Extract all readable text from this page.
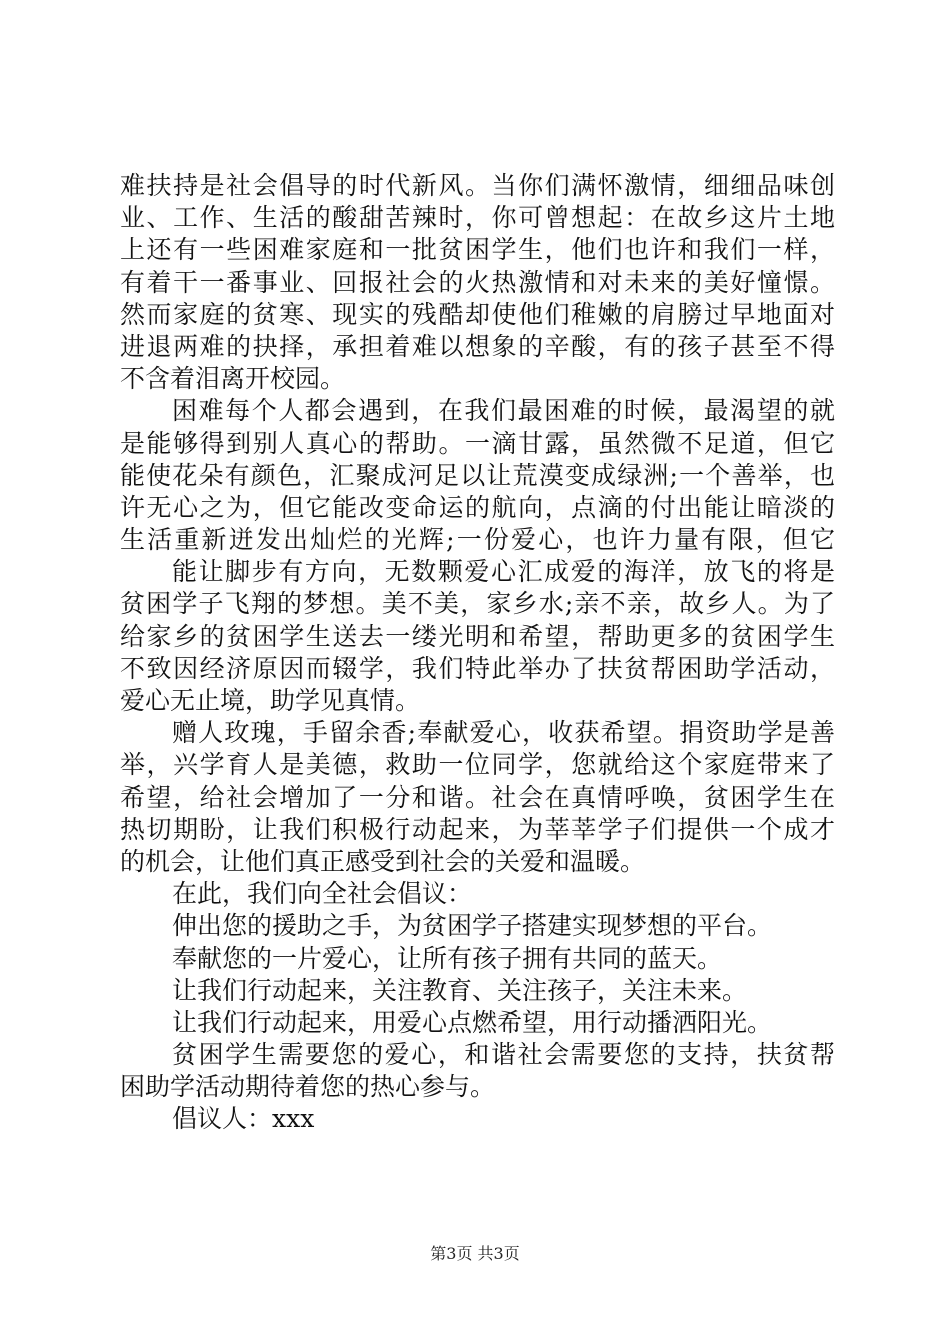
难扶持是社会倡导的时代新风。当你们满怀激情，细细品味创
业、工作、生活的酸甜苦辣时，你可曾想起：在故乡这片土地
上还有一些困难家庭和一批贫困学生，他们也许和我们一样，
有着干一番事业、回报社会的火热激情和对未来的美好憧憬。
然而家庭的贫寒、现实的残酷却使他们稚嫩的肩膀过早地面对
进退两难的抉择，承担着难以想象的辛酸，有的孩子甚至不得
不含着泪离开校园。
困难每个人都会遇到，在我们最困难的时候，最渴望的就
是能够得到别人真心的帮助。一滴甘露，虽然微不足道，但它
能使花朵有颜色，汇聚成河足以让荒漠变成绿洲;一个善举，也
许无心之为，但它能改变命运的航向，点滴的付出能让暗淡的
生活重新迸发出灿烂的光辉;一份爱心，也许力量有限，但它
能让脚步有方向，无数颗爱心汇成爱的海洋，放飞的将是
贫困学子飞翔的梦想。美不美，家乡水;亲不亲，故乡人。为了
给家乡的贫困学生送去一缕光明和希望，帮助更多的贫困学生
不致因经济原因而辍学，我们特此举办了扶贫帮困助学活动，
爱心无止境，助学见真情。
赠人玫瑰，手留余香;奉献爱心，收获希望。捐资助学是善
举，兴学育人是美德，救助一位同学，您就给这个家庭带来了
希望，给社会增加了一分和谐。社会在真情呼唤，贫困学生在
热切期盼，让我们积极行动起来，为莘莘学子们提供一个成才
的机会，让他们真正感受到社会的关爱和温暖。
在此，我们向全社会倡议：
伸出您的援助之手，为贫困学子搭建实现梦想的平台。
奉献您的一片爱心，让所有孩子拥有共同的蓝天。
让我们行动起来，关注教育、关注孩子，关注未来。
让我们行动起来，用爱心点燃希望，用行动播洒阳光。
贫困学生需要您的爱心，和谐社会需要您的支持，扶贫帮
困助学活动期待着您的热心参与。
倡议人：xxx
第3页 共3页
